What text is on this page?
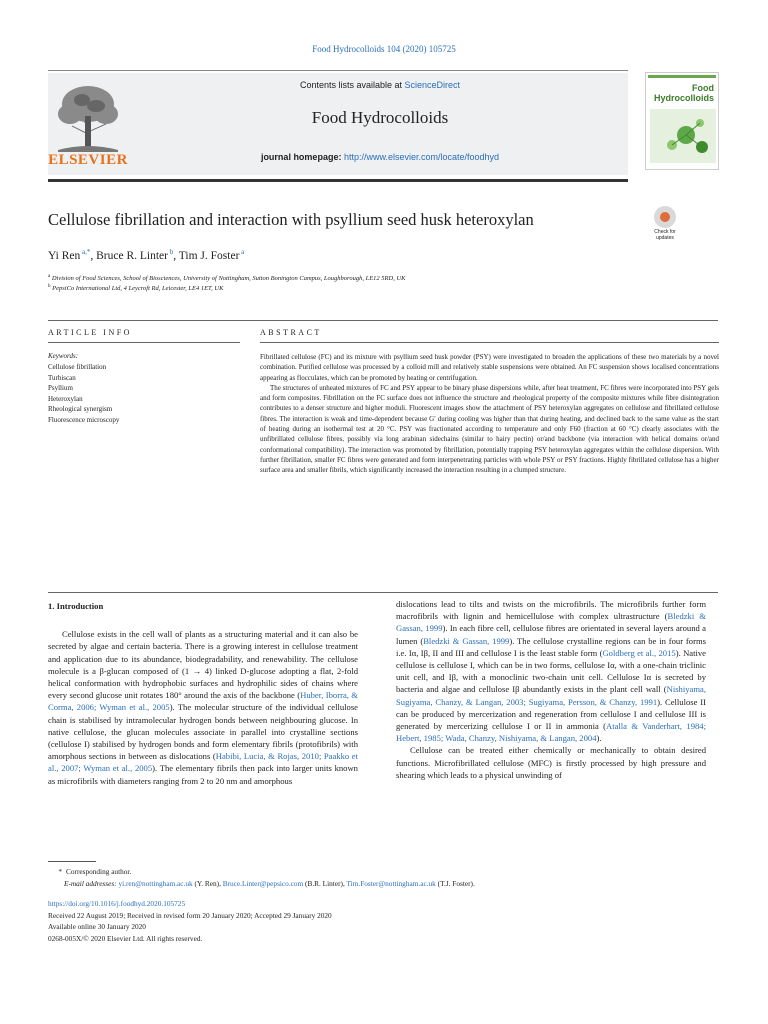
Food Hydrocolloids 104 (2020) 105725
ELSEVIER
Contents lists available at ScienceDirect
Food Hydrocolloids
journal homepage: http://www.elsevier.com/locate/foodhyd
Food
Hydrocolloids
Cellulose fibrillation and interaction with psyllium seed husk heteroxylan
Check for updates
Yi Ren $^{a,*}$, Bruce R. Linter $^b$, Tim J. Foster $^a$
$^a$ Division of Food Sciences, School of Biosciences, University of Nottingham, Sutton Bonington Campus, Loughborough, LE12 5RD, UK
$^b$ PepsiCo International Ltd, 4 Leycroft Rd, Leicester, LE4 1ET, UK
ARTICLE INFO	ABSTRACT
Keywords:
Cellulose fibrillation
Turbiscan
Psyllium
Heteroxylan
Rheological synergism
Fluorescence microscopy

Fibrillated cellulose (FC) and its mixture with psyllium seed husk powder (PSY) were investigated to broaden the applications of these two materials by a novel combination. Purified cellulose was processed by a colloid mill and relatively stable suspensions were obtained. An FC suspension shows localised concentrations appearing as flocculates, which can be promoted by heating or centrifugation.

The structures of unheated mixtures of FC and PSY appear to be binary phase dispersions while, after heat treatment, FC fibres were incorporated into PSY gels and form composites. Fibrillation on the FC surface does not influence the structure and rheological property of the composite mixtures while fibre disintegration contributes to a denser structure and higher moduli. Fluorescent images show the attachment of PSY heteroxylan aggregates on cellulose and fibrillated cellulose fibres. The interaction is weak and time-dependent because G′ during cooling was higher than that during heating, and declined back to the same value as the start of heating during an isothermal test at 20 °C. PSY was fractionated according to temperature and only F60 (fraction at 60 °C) clearly associates with the unfibrillated cellulose fibres, possibly via long arabinan sidechains (similar to hairy pectin) or/and backbone (via interaction with helical domains or/and conformational compatibility). The interaction was promoted by fibrillation, potentially trapping PSY heteroxylan aggregates within the cellulose dispersion. With further fibrillation, smaller FC fibres were generated and form interpenetrating particles with whole PSY or PSY fractions. Highly fibrillated cellulose has a higher surface area and smaller fibrils, which significantly increased the interaction resulting in a clumped structure.

1. Introduction

Cellulose exists in the cell wall of plants as a structuring material and it can also be secreted by algae and certain bacteria. There is a growing interest in cellulose treatment and application due to its abundance, biodegradability, and renewability. The cellulose molecule is a β-glucan composed of (1 → 4) linked D-glucose adopting a flat, 2-fold helical conformation with hydrophobic surfaces and hydrophilic sides of chains where every second glucose unit rotates 180° around the axis of the backbone (Huber, Iborra, & Corma, 2006; Wyman et al., 2005). The molecular structure of the individual cellulose chain is stabilised by intramolecular hydrogen bonds between neighbouring glucose. In native cellulose, the glucan molecules associate in parallel into crystalline sections (cellulose I) stabilised by hydrogen bonds and form elementary fibrils (protofibrils) with amorphous sections in between as dislocations (Habibi, Lucia, & Rojas, 2010; Paakko et al., 2007; Wyman et al., 2005). The elementary fibrils then pack into larger units known as microfibrils with diameters ranging from 2 to 20 nm and amorphous

dislocations lead to tilts and twists on the microfibrils. The microfibrils further form macrofibrils with lignin and hemicellulose with complex ultrastructure (Bledzki & Gassan, 1999). In each fibre cell, cellulose fibres are orientated in several layers around a lumen (Bledzki & Gassan, 1999). The cellulose crystalline regions can be in four forms i.e. Iα, Iβ, II and III and cellulose I is the least stable form (Goldberg et al., 2015). Native cellulose is cellulose I, which can be in two forms, cellulose Iα, with a one-chain triclinic unit cell, and Iβ, with a monoclinic two-chain unit cell. Cellulose Iα is secreted by bacteria and algae and cellulose Iβ abundantly exists in the plant cell wall (Nishiyama, Sugiyama, Chanzy, & Langan, 2003; Sugiyama, Persson, & Chanzy, 1991). Cellulose II can be produced by mercerization and regeneration from cellulose I and cellulose III is generated by mercerizing cellulose I or II in ammonia (Atalla & Vanderhart, 1984; Hebert, 1985; Wada, Chanzy, Nishiyama, & Langan, 2004).

Cellulose can be treated either chemically or mechanically to obtain desired functions. Microfibrillated cellulose (MFC) is firstly processed by high pressure and shearing which leads to a physical unwinding of

* Corresponding author.
E-mail addresses: yi.ren@nottingham.ac.uk (Y. Ren), Bruce.Linter@pepsico.com (B.R. Linter), Tim.Foster@nottingham.ac.uk (T.J. Foster).
https://doi.org/10.1016/j.foodhyd.2020.105725
Received 22 August 2019; Received in revised form 20 January 2020; Accepted 29 January 2020
Available online 30 January 2020
0268-005X/© 2020 Elsevier Ltd. All rights reserved.
